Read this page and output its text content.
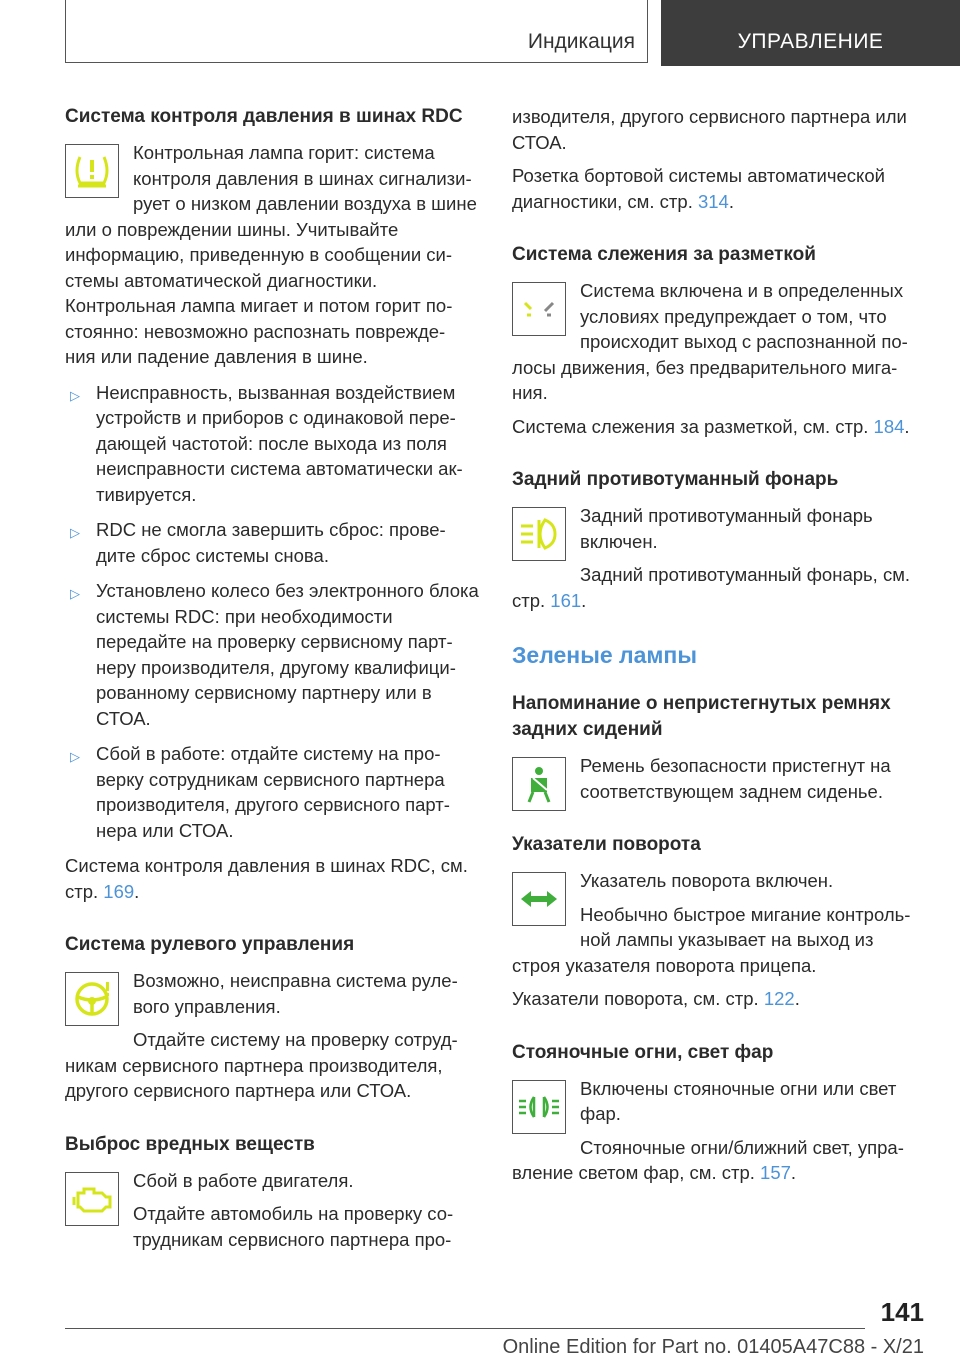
Индикация	УПРАВЛЕНИЕ
Система контроля давления в шинах RDC

Контрольная лампа горит: система контроля давления в шинах сигнализи- рует о низком давлении воздуха в шине или о повреждении шины. Учитывайте информацию, приведенную в сообщении си- стемы автоматической диагностики.

Контрольная лампа мигает и потом горит по- стоянно: невозможно распознать поврежде- ния или падение давления в шине.

▷ Неисправность, вызванная воздействием устройств и приборов с одинаковой пере- дающей частотой: после выхода из поля неисправности система автоматически ак- тивируется.
▷ RDC не смогла завершить сброс: прове- дите сброс системы снова.
▷ Установлено колесо без электронного блока системы RDC: при необходимости передайте на проверку сервисному парт- неру производителя, другому квалифици- рованному сервисному партнеру или в СТОА.
▷ Сбой в работе: отдайте систему на про- верку сотрудникам сервисного партнера производителя, другого сервисного парт- нера или СТОА.

Система контроля давления в шинах RDC, см. стр. 169.

Система рулевого управления

Возможно, неисправна система руле- вого управления.

Отдайте систему на проверку сотруд- никам сервисного партнера производителя, другого сервисного партнера или СТОА.

Выброс вредных веществ

Сбой в работе двигателя.

Отдайте автомобиль на проверку со- трудникам сервисного партнера про-

изводителя, другого сервисного партнера или СТОА.

Розетка бортовой системы автоматической диагностики, см. стр. 314.

Система слежения за разметкой

Система включена и в определенных условиях предупреждает о том, что происходит выход с распознанной по- лосы движения, без предварительного мига- ния.

Система слежения за разметкой, см. стр. 184.

Задний противотуманный фонарь

Задний противотуманный фонарь включен.

Задний противотуманный фонарь, см. стр. 161.

Зеленые лампы
Напоминание о непристегнутых ремнях задних сидений

Ремень безопасности пристегнут на соответствующем заднем сиденье.

Указатели поворота

Указатель поворота включен.

Необычно быстрое мигание контроль- ной лампы указывает на выход из строя указателя поворота прицепа.

Указатели поворота, см. стр. 122.

Стояночные огни, свет фар

Включены стояночные огни или свет фар.

Стояночные огни/ближний свет, упра- вление светом фар, см. стр. 157.

141
Online Edition for Part no. 01405A47C88 - X/21
